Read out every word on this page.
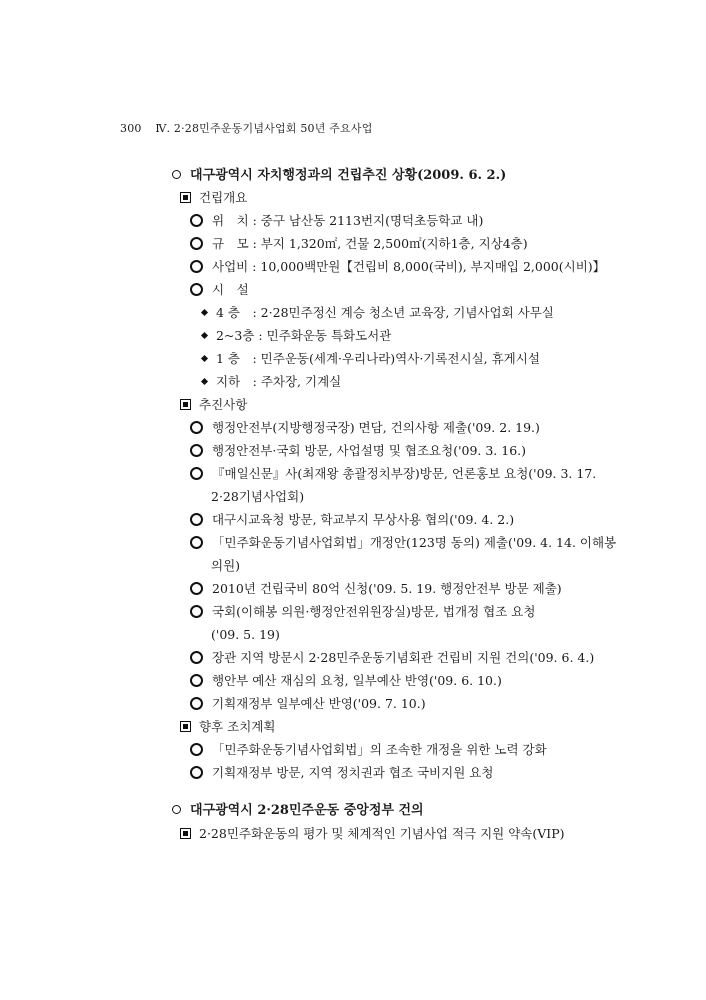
300 Ⅳ. 2·28민주운동기념사업회 50년 주요사업
대구광역시 자치행정과의 건립추진 상황(2009. 6. 2.)
건립개요
위　치 : 중구 남산동 2113번지(명덕초등학교 내)
규　모 : 부지 1,320㎡, 건물 2,500㎡(지하1층, 지상4층)
사업비 : 10,000백만원【건립비 8,000(국비), 부지매입 2,000(시비)】
시　설
4 층　: 2·28민주정신 계승 청소년 교육장, 기념사업회 사무실
2~3층 : 민주화운동 특화도서관
1 층　: 민주운동(세계·우리나라)역사·기록전시실, 휴게시설
지하　: 주차장, 기계실
추진사항
행정안전부(지방행정국장) 면담, 건의사항 제출('09. 2. 19.)
행정안전부·국회 방문, 사업설명 및 협조요청('09. 3. 16.)
『매일신문』사(최재왕 총괄정치부장)방문, 언론홍보 요청('09. 3. 17.
2·28기념사업회)
대구시교육청 방문, 학교부지 무상사용 협의('09. 4. 2.)
「민주화운동기념사업회법」개정안(123명 동의) 제출('09. 4. 14. 이해봉
의원)
2010년 건립국비 80억 신청('09. 5. 19. 행정안전부 방문 제출)
국회(이해봉 의원·행정안전위원장실)방문, 법개정 협조 요청
('09. 5. 19)
장관 지역 방문시 2·28민주운동기념회관 건립비 지원 건의('09. 6. 4.)
행안부 예산 재심의 요청, 일부예산 반영('09. 6. 10.)
기획재정부 일부예산 반영('09. 7. 10.)
향후 조치계획
「민주화운동기념사업회법」의 조속한 개정을 위한 노력 강화
기획재정부 방문, 지역 정치권과 협조 국비지원 요청
대구광역시 2·28민주운동 중앙정부 건의
2·28민주화운동의 평가 및 체계적인 기념사업 적극 지원 약속(VIP)
